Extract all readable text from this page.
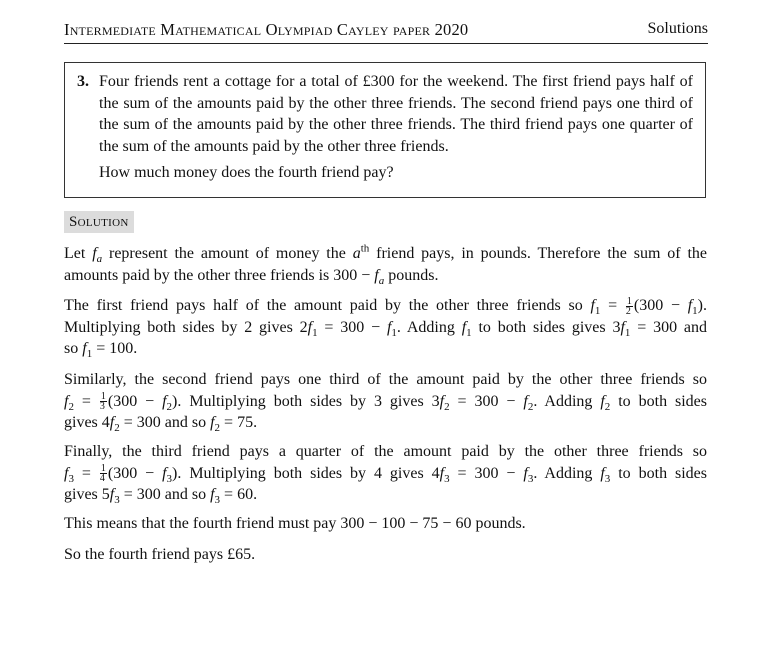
Intermediate Mathematical Olympiad Cayley paper 2020	Solutions
3. Four friends rent a cottage for a total of £300 for the weekend. The first friend pays half of the sum of the amounts paid by the other three friends. The second friend pays one third of the sum of the amounts paid by the other three friends. The third friend pays one quarter of the sum of the amounts paid by the other three friends.
How much money does the fourth friend pay?
Solution
Let $f_a$ represent the amount of money the $a^{th}$ friend pays, in pounds. Therefore the sum of the
amounts paid by the other three friends is $300 - f_a$ pounds.
The first friend pays half of the amount paid by the other three friends so $f_1 = \frac{1}{2} (300 - f_1)$.
Multiplying both sides by 2 gives $2f_1 = 300 - f_1$. Adding $f_1$ to both sides gives $3f_1 = 300$ and
so $f_1 = 100$.
Similarly, the second friend pays one third of the amount paid by the other three friends so
$f_2 = \frac{1}{3} (300 - f_2)$. Multiplying both sides by 3 gives $3f_2 = 300 - f_2$. Adding $f_2$ to both sides
gives $4f_2 = 300$ and so $f_2 = 75$.
Finally, the third friend pays a quarter of the amount paid by the other three friends so
$f_3 = \frac{1}{4} (300 - f_3)$. Multiplying both sides by 4 gives $4f_3 = 300 - f_3$. Adding $f_3$ to both sides
gives $5f_3 = 300$ and so $f_3 = 60$.
This means that the fourth friend must pay 300 − 100 − 75 − 60 pounds.
So the fourth friend pays £65.
